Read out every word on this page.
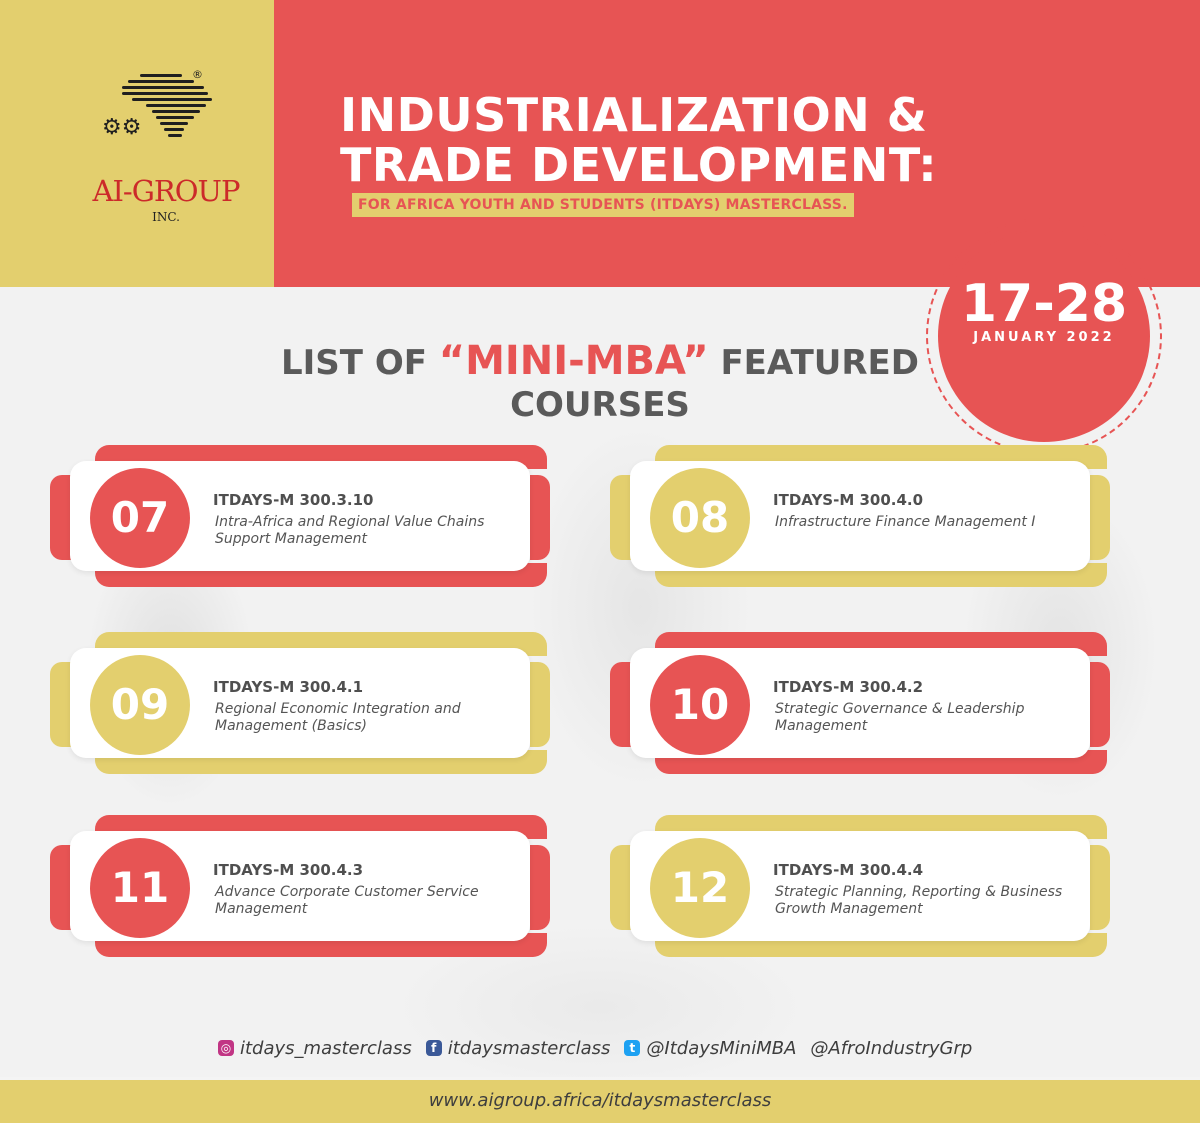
⚙⚙
®
AI-GROUP
INC.
INDUSTRIALIZATION &
TRADE DEVELOPMENT:
FOR AFRICA YOUTH AND STUDENTS (ITDAYS) MASTERCLASS.
17-28
JANUARY 2022
LIST OF “MINI-MBA” FEATURED
COURSES
07	ITDAYS-M 300.3.10
Intra-Africa and Regional Value Chains Support Management	08	ITDAYS-M 300.4.0
Infrastructure Finance Management I
09	ITDAYS-M 300.4.1
Regional Economic Integration and Management (Basics)	10	ITDAYS-M 300.4.2
Strategic Governance & Leadership Management
11	ITDAYS-M 300.4.3
Advance Corporate Customer Service Management	12	ITDAYS-M 300.4.4
Strategic Planning, Reporting & Business Growth Management
◎ itdays_masterclass	f itdaysmasterclass	t @ItdaysMiniMBA @AfroIndustryGrp
www.aigroup.africa/itdaysmasterclass
